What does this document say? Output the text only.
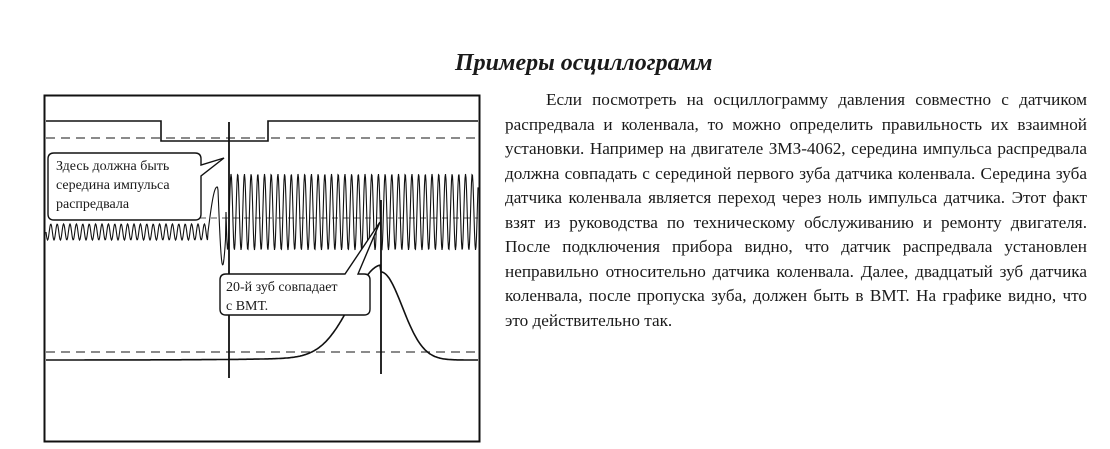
Примеры осциллограмм
Здесь должна быть
середина импульса
распредвала
20-й зуб совпадает
с ВМТ.

Если посмотреть на осциллограмму давления совместно с датчиком распредвала и коленвала, то можно определить правильность их взаимной установки. Например на двигателе ЗМЗ-4062, середина импульса распредвала должна совпадать с серединой первого зуба датчика коленвала. Середина зуба датчика коленвала является переход через ноль импульса датчика. Этот факт взят из руководства по техническому обслуживанию и ремонту двигателя. После подключения прибора видно, что датчик распредвала установлен неправильно относительно датчика коленвала. Далее, двадцатый зуб датчика коленвала, после пропуска зуба, должен быть в ВМТ. На графике видно, что это действительно так.
